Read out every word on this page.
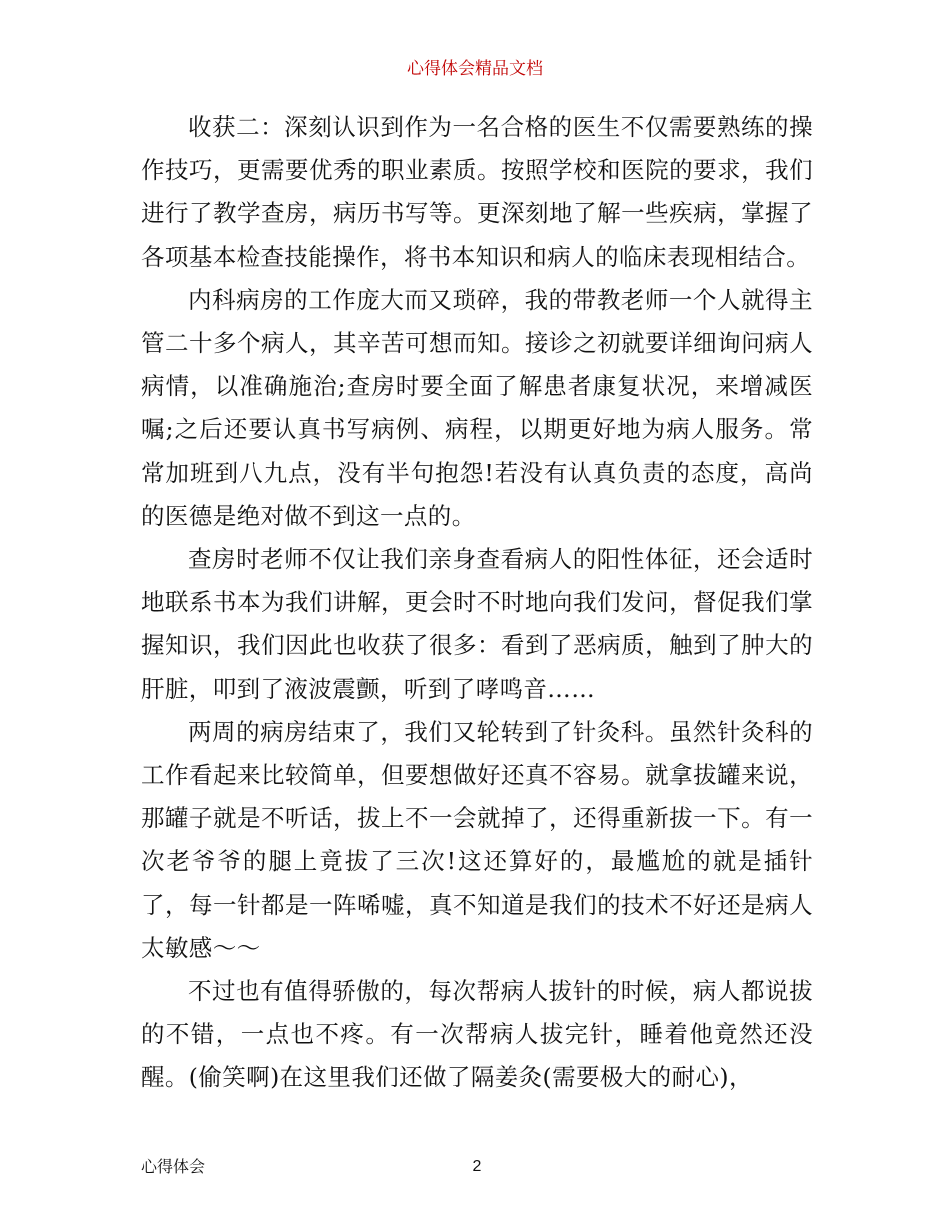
心得体会精品文档

收获二：深刻认识到作为一名合格的医生不仅需要熟练的操作技巧，更需要优秀的职业素质。按照学校和医院的要求，我们进行了教学查房，病历书写等。更深刻地了解一些疾病，掌握了各项基本检查技能操作，将书本知识和病人的临床表现相结合。

内科病房的工作庞大而又琐碎，我的带教老师一个人就得主管二十多个病人，其辛苦可想而知。接诊之初就要详细询问病人病情，以准确施治;查房时要全面了解患者康复状况，来增减医嘱;之后还要认真书写病例、病程，以期更好地为病人服务。常常加班到八九点，没有半句抱怨!若没有认真负责的态度，高尚的医德是绝对做不到这一点的。

查房时老师不仅让我们亲身查看病人的阳性体征，还会适时地联系书本为我们讲解，更会时不时地向我们发问，督促我们掌握知识，我们因此也收获了很多：看到了恶病质，触到了肿大的肝脏，叩到了液波震颤，听到了哮鸣音……

两周的病房结束了，我们又轮转到了针灸科。虽然针灸科的工作看起来比较简单，但要想做好还真不容易。就拿拔罐来说，那罐子就是不听话，拔上不一会就掉了，还得重新拔一下。有一次老爷爷的腿上竟拔了三次!这还算好的，最尴尬的就是插针了，每一针都是一阵唏嘘，真不知道是我们的技术不好还是病人太敏感～～

不过也有值得骄傲的，每次帮病人拔针的时候，病人都说拔的不错，一点也不疼。有一次帮病人拔完针，睡着他竟然还没醒。(偷笑啊)在这里我们还做了隔姜灸(需要极大的耐心)，

2
心得体会
